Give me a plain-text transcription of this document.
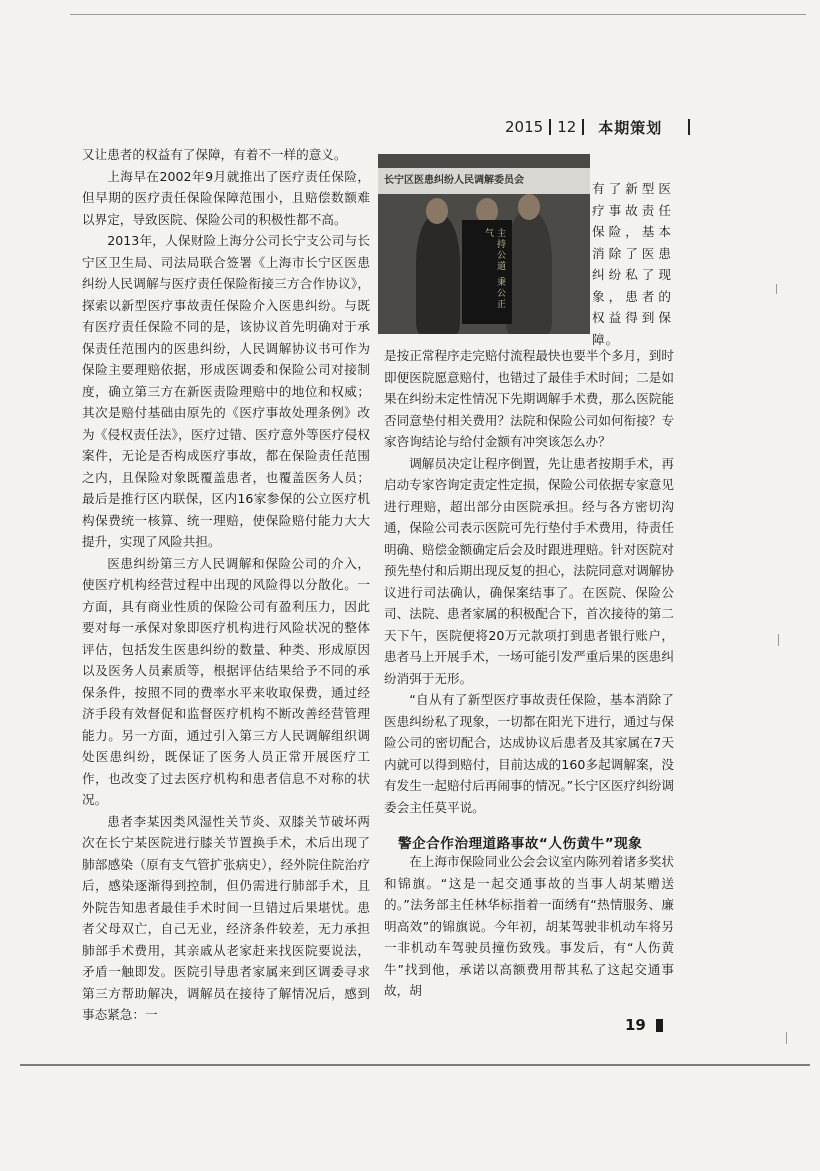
2015 12 本期策划

又让患者的权益有了保障，有着不一样的意义。

上海早在2002年9月就推出了医疗责任保险，但早期的医疗责任保险保障范围小，且赔偿数额难以界定，导致医院、保险公司的积极性都不高。

2013年，人保财险上海分公司长宁支公司与长宁区卫生局、司法局联合签署《上海市长宁区医患纠纷人民调解与医疗责任保险衔接三方合作协议》，探索以新型医疗事故责任保险介入医患纠纷。与既有医疗责任保险不同的是，该协议首先明确对于承保责任范围内的医患纠纷，人民调解协议书可作为保险主要理赔依据，形成医调委和保险公司对接制度，确立第三方在新医责险理赔中的地位和权威；其次是赔付基础由原先的《医疗事故处理条例》改为《侵权责任法》，医疗过错、医疗意外等医疗侵权案件，无论是否构成医疗事故，都在保险责任范围之内，且保险对象既覆盖患者，也覆盖医务人员；最后是推行区内联保，区内16家参保的公立医疗机构保费统一核算、统一理赔，使保险赔付能力大大提升，实现了风险共担。

医患纠纷第三方人民调解和保险公司的介入，使医疗机构经营过程中出现的风险得以分散化。一方面，具有商业性质的保险公司有盈利压力，因此要对每一承保对象即医疗机构进行风险状况的整体评估，包括发生医患纠纷的数量、种类、形成原因以及医务人员素质等，根据评估结果给予不同的承保条件，按照不同的费率水平来收取保费，通过经济手段有效督促和监督医疗机构不断改善经营管理能力。另一方面，通过引入第三方人民调解组织调处医患纠纷，既保证了医务人员正常开展医疗工作，也改变了过去医疗机构和患者信息不对称的状况。

患者李某因类风湿性关节炎、双膝关节破坏两次在长宁某医院进行膝关节置换手术，术后出现了肺部感染（原有支气管扩张病史），经外院住院治疗后，感染逐渐得到控制，但仍需进行肺部手术，且外院告知患者最佳手术时间一旦错过后果堪忧。患者父母双亡，自己无业，经济条件较差，无力承担肺部手术费用，其亲戚从老家赶来找医院要说法，矛盾一触即发。医院引导患者家属来到区调委寻求第三方帮助解决，调解员在接待了解情况后，感到事态紧急：一

长宁区医患纠纷人民调解委员会
主持公道 秉公正气
有了新型医疗事故责任保险，基本消除了医患纠纷私了现象，患者的权益得到保障。

是按正常程序走完赔付流程最快也要半个多月，到时即便医院愿意赔付，也错过了最佳手术时间；二是如果在纠纷未定性情况下先期调解手术费，那么医院能否同意垫付相关费用？法院和保险公司如何衔接？专家咨询结论与给付金额有冲突该怎么办？

调解员决定让程序倒置，先让患者按期手术，再启动专家咨询定责定性定损，保险公司依据专家意见进行理赔，超出部分由医院承担。经与各方密切沟通，保险公司表示医院可先行垫付手术费用，待责任明确、赔偿金额确定后会及时跟进理赔。针对医院对预先垫付和后期出现反复的担心，法院同意对调解协议进行司法确认，确保案结事了。在医院、保险公司、法院、患者家属的积极配合下，首次接待的第二天下午，医院便将20万元款项打到患者银行账户，患者马上开展手术，一场可能引发严重后果的医患纠纷消弭于无形。

“自从有了新型医疗事故责任保险，基本消除了医患纠纷私了现象，一切都在阳光下进行，通过与保险公司的密切配合，达成协议后患者及其家属在7天内就可以得到赔付，目前达成的160多起调解案，没有发生一起赔付后再闹事的情况。”长宁区医疗纠纷调委会主任莫平说。

警企合作治理道路事故“人伤黄牛”现象

在上海市保险同业公会会议室内陈列着诸多奖状和锦旗。“这是一起交通事故的当事人胡某赠送的。”法务部主任林华标指着一面绣有“热情服务、廉明高效”的锦旗说。今年初，胡某驾驶非机动车将另一非机动车驾驶员撞伤致残。事发后，有“人伤黄牛”找到他，承诺以高额费用帮其私了这起交通事故，胡

19
